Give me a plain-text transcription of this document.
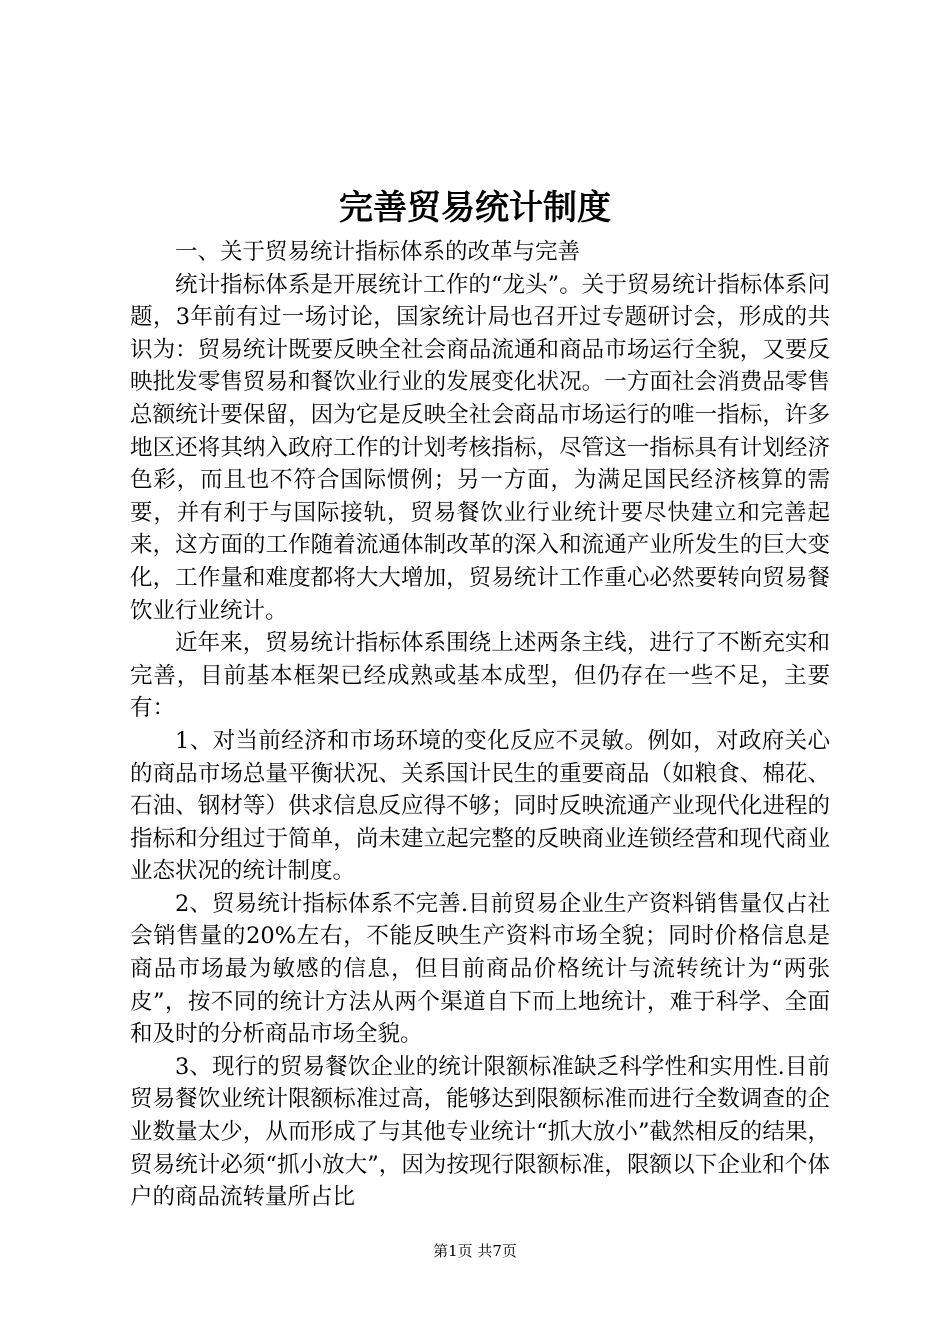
完善贸易统计制度

一、关于贸易统计指标体系的改革与完善

统计指标体系是开展统计工作的“龙头”。关于贸易统计指标体系问题，3年前有过一场讨论，国家统计局也召开过专题研讨会，形成的共识为：贸易统计既要反映全社会商品流通和商品市场运行全貌，又要反映批发零售贸易和餐饮业行业的发展变化状况。一方面社会消费品零售总额统计要保留，因为它是反映全社会商品市场运行的唯一指标，许多地区还将其纳入政府工作的计划考核指标，尽管这一指标具有计划经济色彩，而且也不符合国际惯例；另一方面，为满足国民经济核算的需要，并有利于与国际接轨，贸易餐饮业行业统计要尽快建立和完善起来，这方面的工作随着流通体制改革的深入和流通产业所发生的巨大变化，工作量和难度都将大大增加，贸易统计工作重心必然要转向贸易餐饮业行业统计。

近年来，贸易统计指标体系围绕上述两条主线，进行了不断充实和完善，目前基本框架已经成熟或基本成型，但仍存在一些不足，主要有：

1、对当前经济和市场环境的变化反应不灵敏。例如，对政府关心的商品市场总量平衡状况、关系国计民生的重要商品（如粮食、棉花、石油、钢材等）供求信息反应得不够；同时反映流通产业现代化进程的指标和分组过于简单，尚未建立起完整的反映商业连锁经营和现代商业业态状况的统计制度。

2、贸易统计指标体系不完善.目前贸易企业生产资料销售量仅占社会销售量的20%左右，不能反映生产资料市场全貌；同时价格信息是商品市场最为敏感的信息，但目前商品价格统计与流转统计为“两张皮”，按不同的统计方法从两个渠道自下而上地统计，难于科学、全面和及时的分析商品市场全貌。

3、现行的贸易餐饮企业的统计限额标准缺乏科学性和实用性.目前贸易餐饮业统计限额标准过高，能够达到限额标准而进行全数调查的企业数量太少，从而形成了与其他专业统计“抓大放小”截然相反的结果，贸易统计必须“抓小放大”，因为按现行限额标准，限额以下企业和个体户的商品流转量所占比

第1页 共7页
